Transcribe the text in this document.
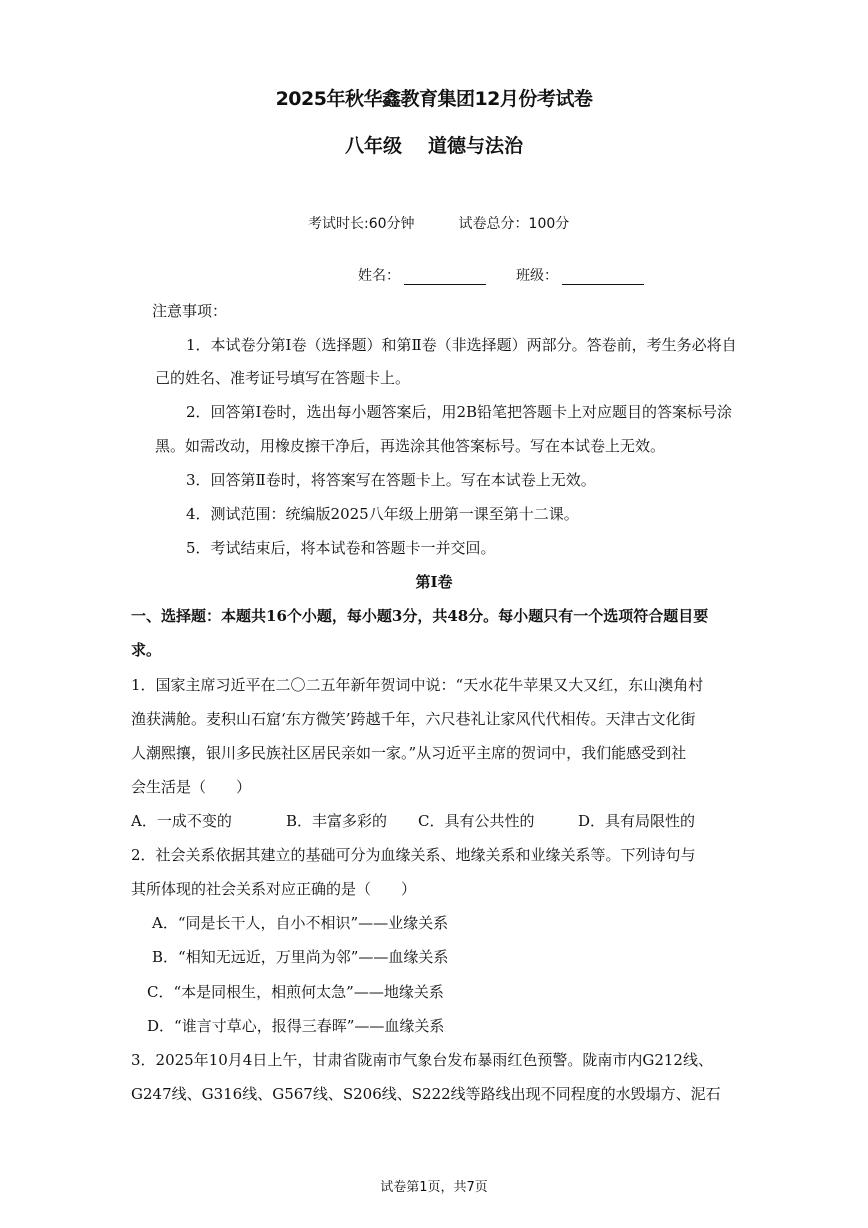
2025年秋华鑫教育集团12月份考试卷
八年级 道德与法治
考试时长:60分钟	试卷总分：100分
姓名：	班级：
注意事项：
1．本试卷分第Ⅰ卷（选择题）和第Ⅱ卷（非选择题）两部分。答卷前，考生务必将自
己的姓名、准考证号填写在答题卡上。
2．回答第Ⅰ卷时，选出每小题答案后，用2B铅笔把答题卡上对应题目的答案标号涂
黑。如需改动，用橡皮擦干净后，再选涂其他答案标号。写在本试卷上无效。
3．回答第Ⅱ卷时，将答案写在答题卡上。写在本试卷上无效。
4．测试范围：统编版2025八年级上册第一课至第十二课。
5．考试结束后，将本试卷和答题卡一并交回。
第Ⅰ卷
一、选择题：本题共16个小题，每小题3分，共48分。每小题只有一个选项符合题目要
求。
1．国家主席习近平在二〇二五年新年贺词中说：“天水花牛苹果又大又红，东山澳角村
渔获满舱。麦积山石窟‘东方微笑’跨越千年，六尺巷礼让家风代代相传。天津古文化街
人潮熙攘，银川多民族社区居民亲如一家。”从习近平主席的贺词中，我们能感受到社
会生活是（　　）
A．一成不变的	B．丰富多彩的 C．具有公共性的	D．具有局限性的
2．社会关系依据其建立的基础可分为血缘关系、地缘关系和业缘关系等。下列诗句与
其所体现的社会关系对应正确的是（　　）
A．“同是长干人，自小不相识”——业缘关系
B．“相知无远近，万里尚为邻”——血缘关系
C．“本是同根生，相煎何太急”——地缘关系
D．“谁言寸草心，报得三春晖”——血缘关系
3．2025年10月4日上午，甘肃省陇南市气象台发布暴雨红色预警。陇南市内G212线、
G247线、G316线、G567线、S206线、S222线等路线出现不同程度的水毁塌方、泥石
试卷第1页，共7页
